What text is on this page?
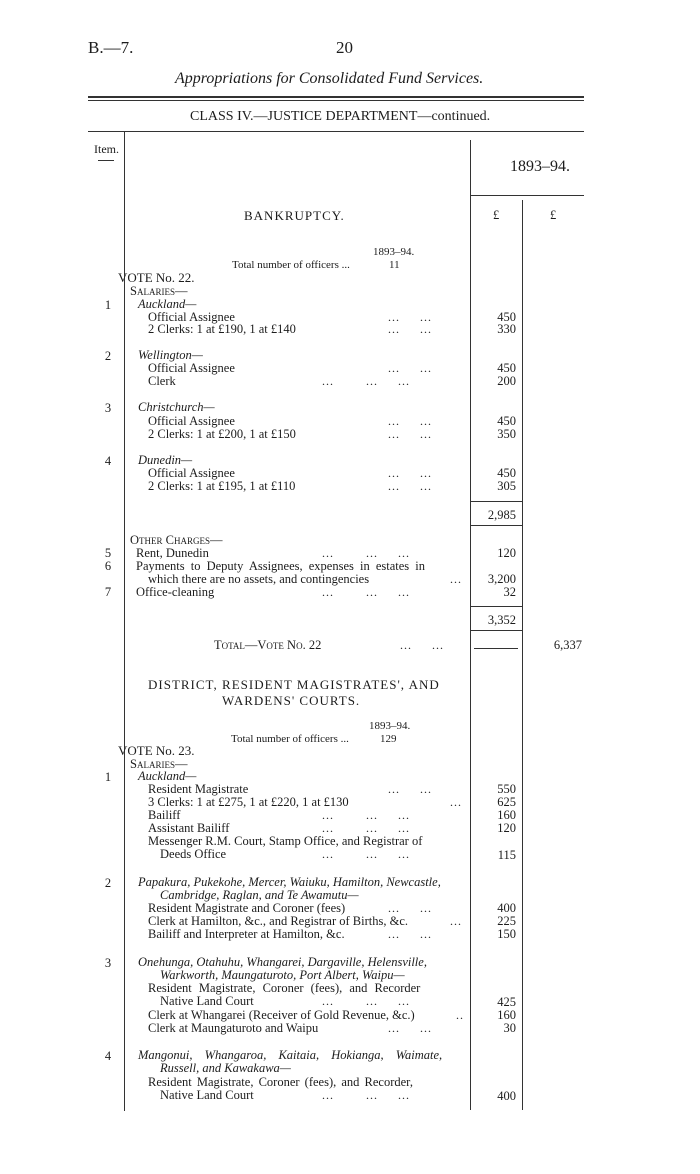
B.—7.	20
Appropriations for Consolidated Fund Services.
CLASS IV.—JUSTICE DEPARTMENT—continued.
Item.
1893–94.
£	£
BANKRUPTCY.
1893–94.
Total number of officers ...	11
VOTE No. 22.
Salaries—
1	Auckland—
Official Assignee	...     ...	450
2 Clerks: 1 at £190, 1 at £140	...     ...	330
2	Wellington—
Official Assignee	...     ...	450
Clerk	...        ...     ...	200
3	Christchurch—
Official Assignee	...     ...	450
2 Clerks: 1 at £200, 1 at £150	...     ...	350
4	Dunedin—
Official Assignee	...     ...	450
2 Clerks: 1 at £195, 1 at £110	...     ...	305
2,985
Other Charges—
5	Rent, Dunedin	...        ...     ...	120
6	Payments to Deputy Assignees, expenses in estates in
which there are no assets, and contingencies	...	3,200
7	Office-cleaning	...        ...     ...	32
3,352
Total—Vote No. 22	...     ...	6,337
DISTRICT, RESIDENT MAGISTRATES', AND
WARDENS' COURTS.
1893–94.
Total number of officers ...	129
VOTE No. 23.
Salaries—
1	Auckland—
Resident Magistrate	...     ...	550
3 Clerks: 1 at £275, 1 at £220, 1 at £130	...	625
Bailiff	...        ...     ...	160
Assistant Bailiff	...        ...     ...	120
Messenger R.M. Court, Stamp Office, and Registrar of
Deeds Office	...        ...     ...	115
2	Papakura, Pukekohe, Mercer, Waiuku, Hamilton, Newcastle,
Cambridge, Raglan, and Te Awamutu—
Resident Magistrate and Coroner (fees)	...     ...	400
Clerk at Hamilton, &c., and Registrar of Births, &c.	...	225
Bailiff and Interpreter at Hamilton, &c.	...     ...	150
3	Onehunga, Otahuhu, Whangarei, Dargaville, Helensville,
Warkworth, Maungaturoto, Port Albert, Waipu—
Resident Magistrate, Coroner (fees), and Recorder
Native Land Court	...        ...     ...	425
Clerk at Whangarei (Receiver of Gold Revenue, &c.)	..	160
Clerk at Maungaturoto and Waipu	...     ...	30
4	Mangonui, Whangaroa, Kaitaia, Hokianga, Waimate,
Russell, and Kawakawa—
Resident Magistrate, Coroner (fees), and Recorder,
Native Land Court	...        ...     ...	400
